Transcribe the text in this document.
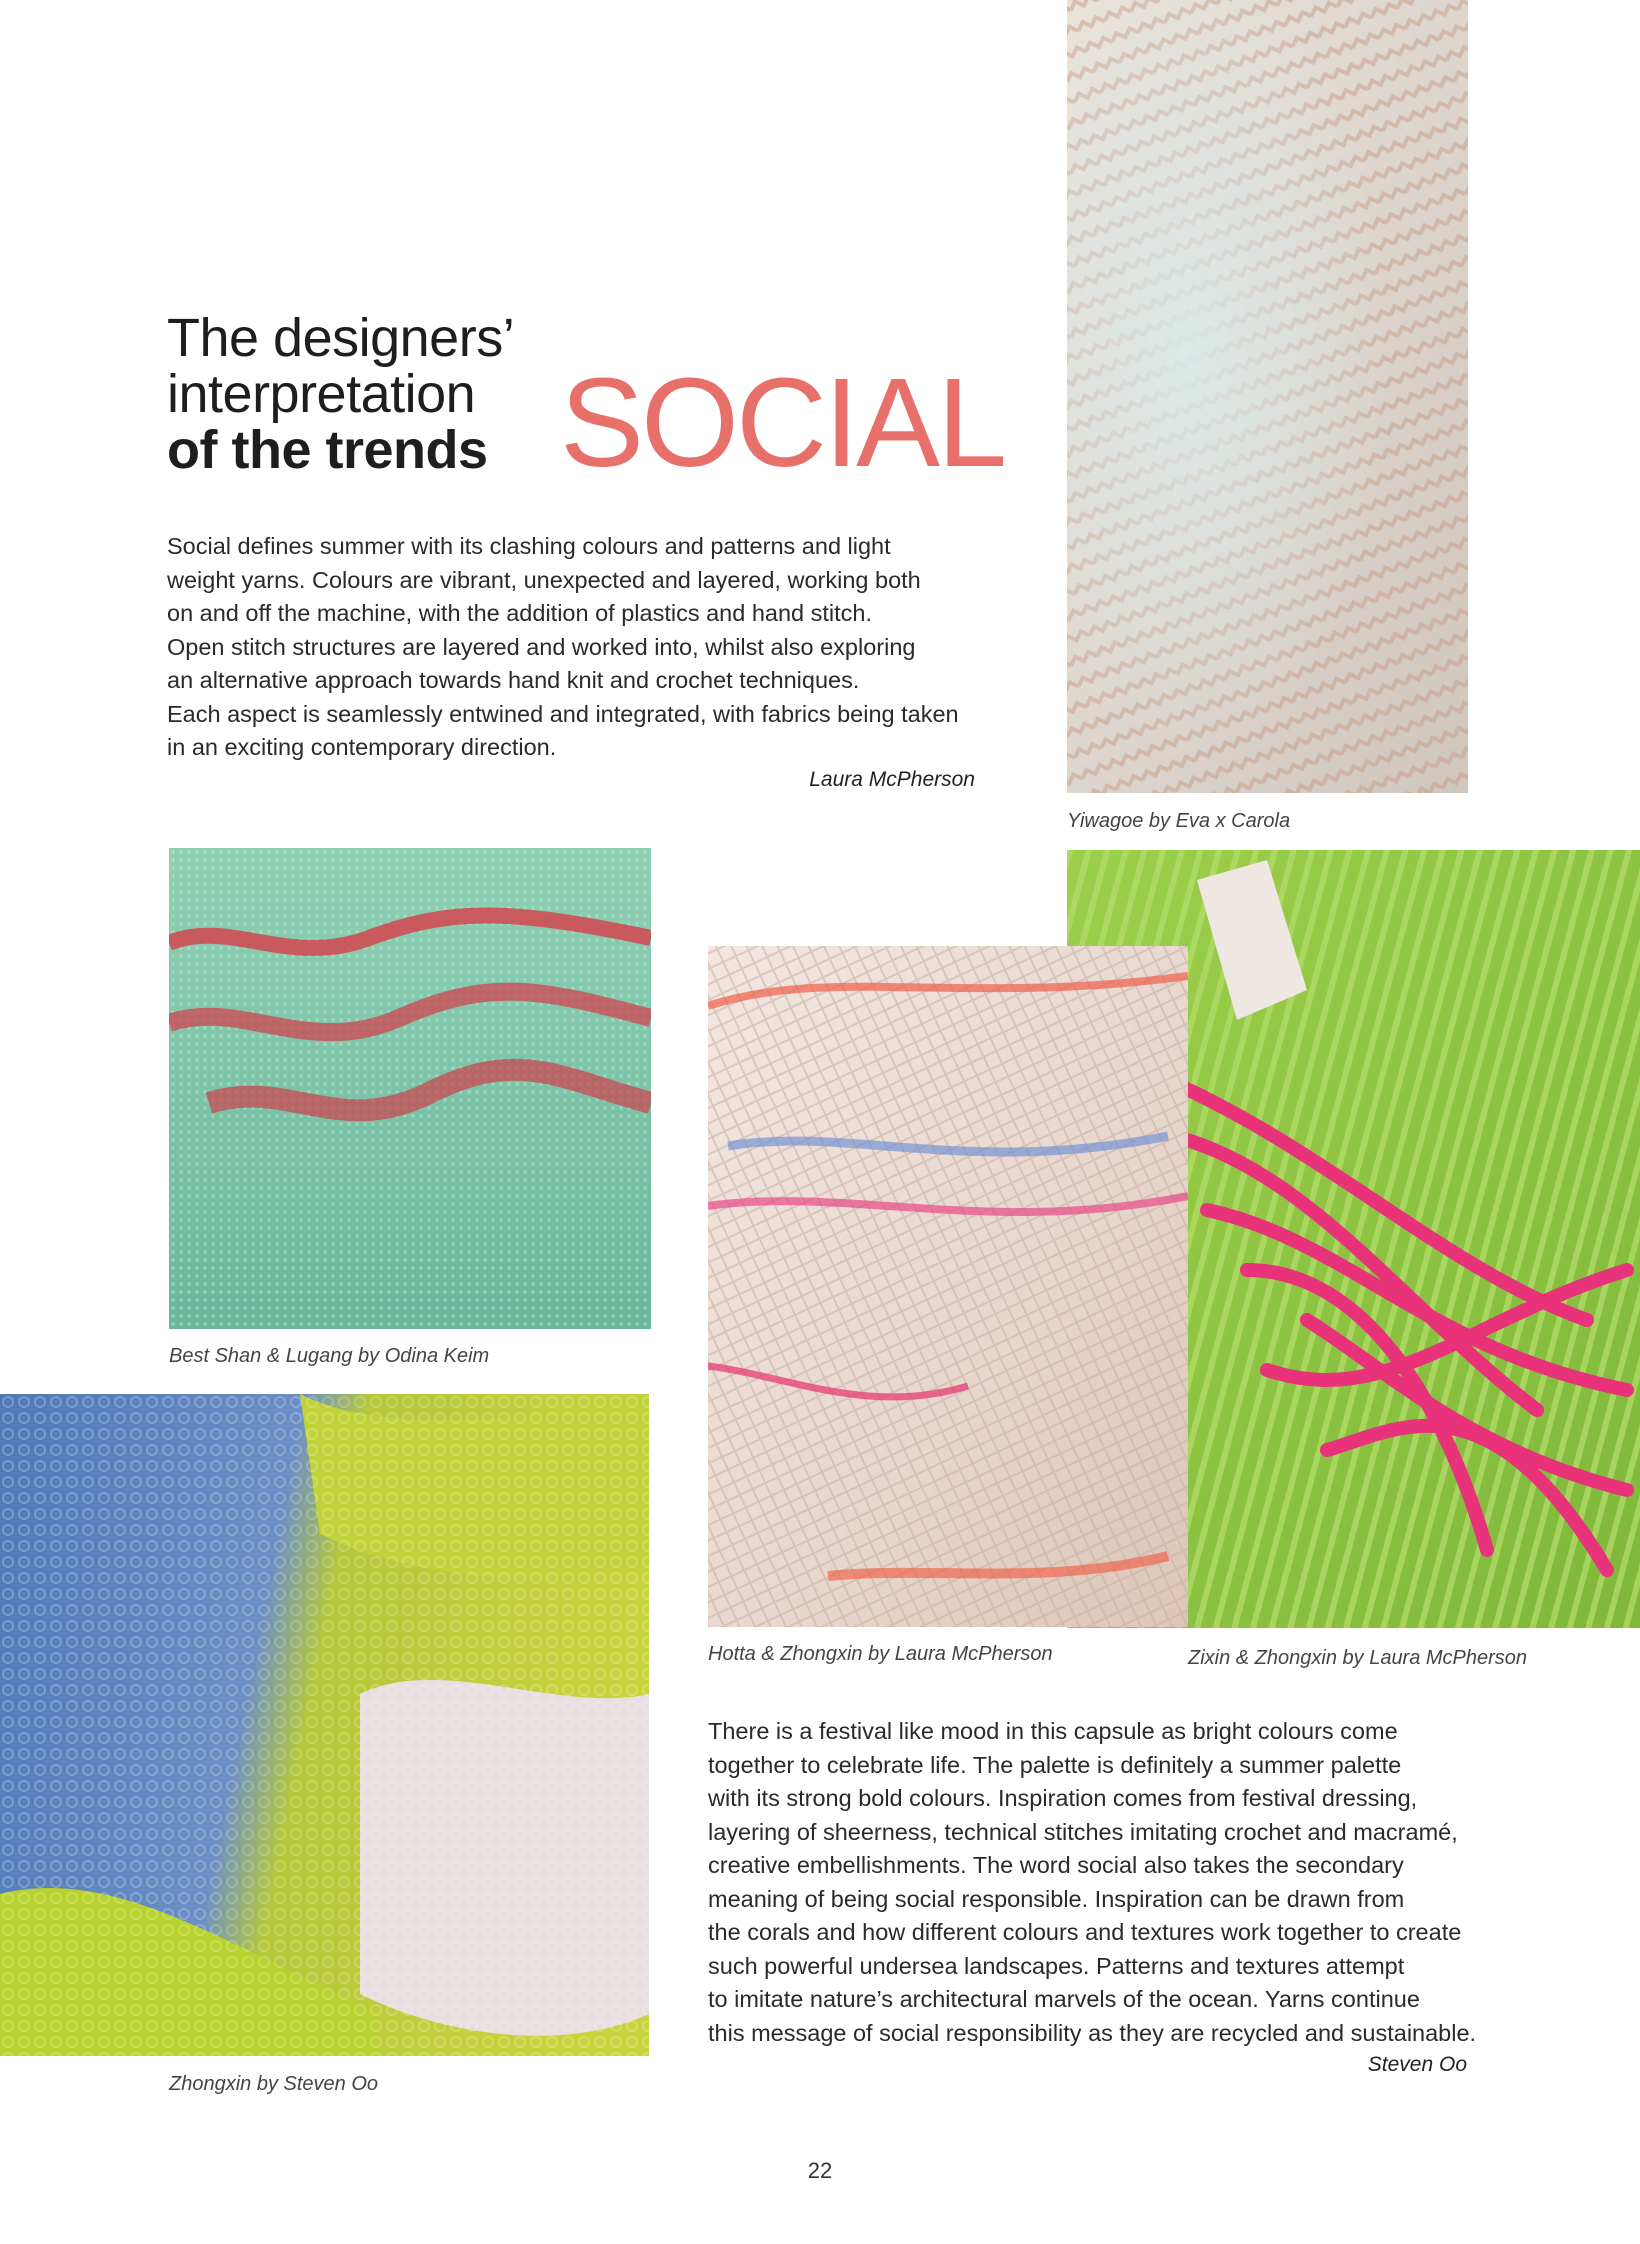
The designers’
interpretation
of the trends SOCIAL
Social defines summer with its clashing colours and patterns and light
weight yarns. Colours are vibrant, unexpected and layered, working both
on and off the machine, with the addition of plastics and hand stitch.
Open stitch structures are layered and worked into, whilst also exploring
an alternative approach towards hand knit and crochet techniques.
Each aspect is seamlessly entwined and integrated, with fabrics being taken
in an exciting contemporary direction.
Laura McPherson
Yiwagoe by Eva x Carola
Best Shan & Lugang by Odina Keim
Zixin & Zhongxin by Laura McPherson
Hotta & Zhongxin by Laura McPherson
Zhongxin by Steven Oo
There is a festival like mood in this capsule as bright colours come
together to celebrate life. The palette is definitely a summer palette
with its strong bold colours. Inspiration comes from festival dressing,
layering of sheerness, technical stitches imitating crochet and macramé,
creative embellishments. The word social also takes the secondary
meaning of being social responsible. Inspiration can be drawn from
the corals and how different colours and textures work together to create
such powerful undersea landscapes. Patterns and textures attempt
to imitate nature’s architectural marvels of the ocean. Yarns continue
this message of social responsibility as they are recycled and sustainable.
Steven Oo
22
